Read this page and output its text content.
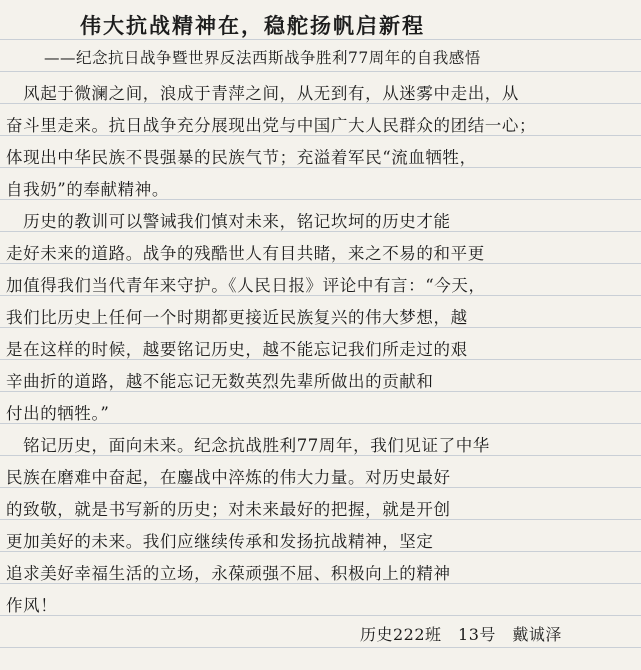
伟大抗战精神在，稳舵扬帆启新程
——纪念抗日战争暨世界反法西斯战争胜利77周年的自我感悟
　风起于微澜之间，浪成于青萍之间，从无到有，从迷雾中走出，从
奋斗里走来。抗日战争充分展现出党与中国广大人民群众的团结一心；
体现出中华民族不畏强暴的民族气节；充溢着军民“流血牺牲，
自我奶”的奉献精神。
　历史的教训可以警诫我们慎对未来，铭记坎坷的历史才能
走好未来的道路。战争的残酷世人有目共睹，来之不易的和平更
加值得我们当代青年来守护。《人民日报》评论中有言：“今天，
我们比历史上任何一个时期都更接近民族复兴的伟大梦想，越
是在这样的时候，越要铭记历史，越不能忘记我们所走过的艰
辛曲折的道路，越不能忘记无数英烈先辈所做出的贡献和
付出的牺牲。”
　铭记历史，面向未来。纪念抗战胜利77周年，我们见证了中华
民族在磨难中奋起，在鏖战中淬炼的伟大力量。对历史最好
的致敬，就是书写新的历史；对未来最好的把握，就是开创
更加美好的未来。我们应继续传承和发扬抗战精神，坚定
追求美好幸福生活的立场，永葆顽强不屈、积极向上的精神
作风！
历史222班　13号　戴诚泽
